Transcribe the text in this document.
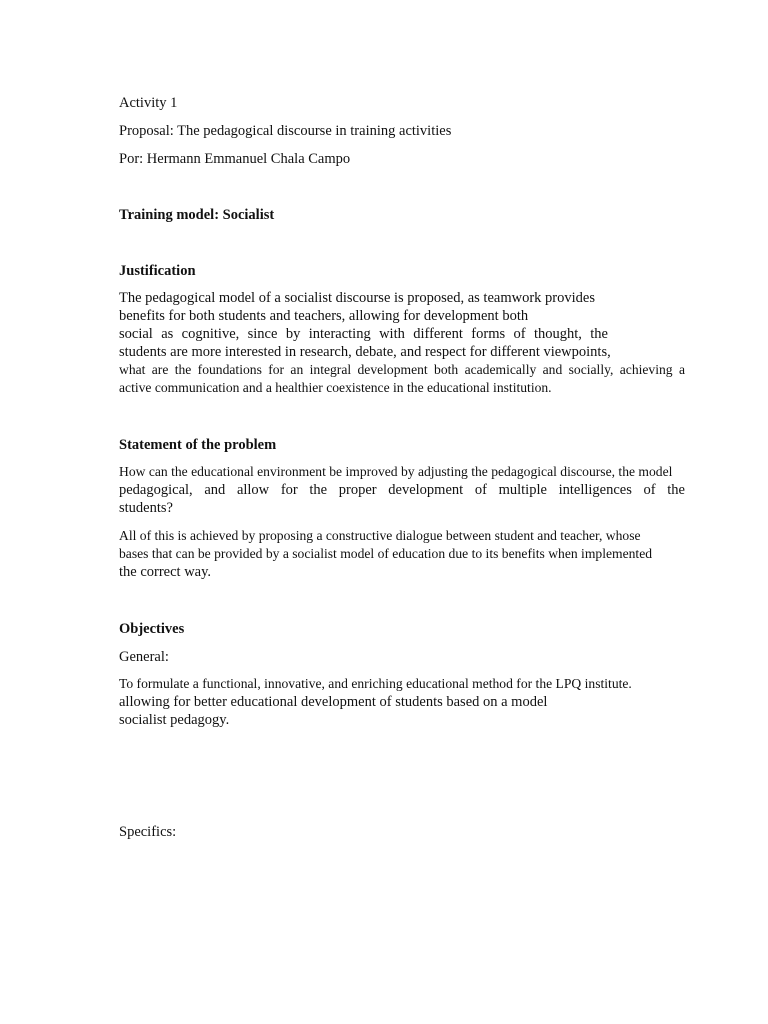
Activity 1

Proposal: The pedagogical discourse in training activities

Por: Hermann Emmanuel Chala Campo

Training model: Socialist

Justification

The pedagogical model of a socialist discourse is proposed, as teamwork provides

benefits for both students and teachers, allowing for development both

social as cognitive, since by interacting with different forms of thought, the

students are more interested in research, debate, and respect for different viewpoints,

what are the foundations for an integral development both academically and socially, achieving a

active communication and a healthier coexistence in the educational institution.

Statement of the problem

How can the educational environment be improved by adjusting the pedagogical discourse, the model

pedagogical, and allow for the proper development of multiple intelligences of the

students?

All of this is achieved by proposing a constructive dialogue between student and teacher, whose

bases that can be provided by a socialist model of education due to its benefits when implemented

the correct way.

Objectives

General:

To formulate a functional, innovative, and enriching educational method for the LPQ institute.

allowing for better educational development of students based on a model

socialist pedagogy.

Specifics:
